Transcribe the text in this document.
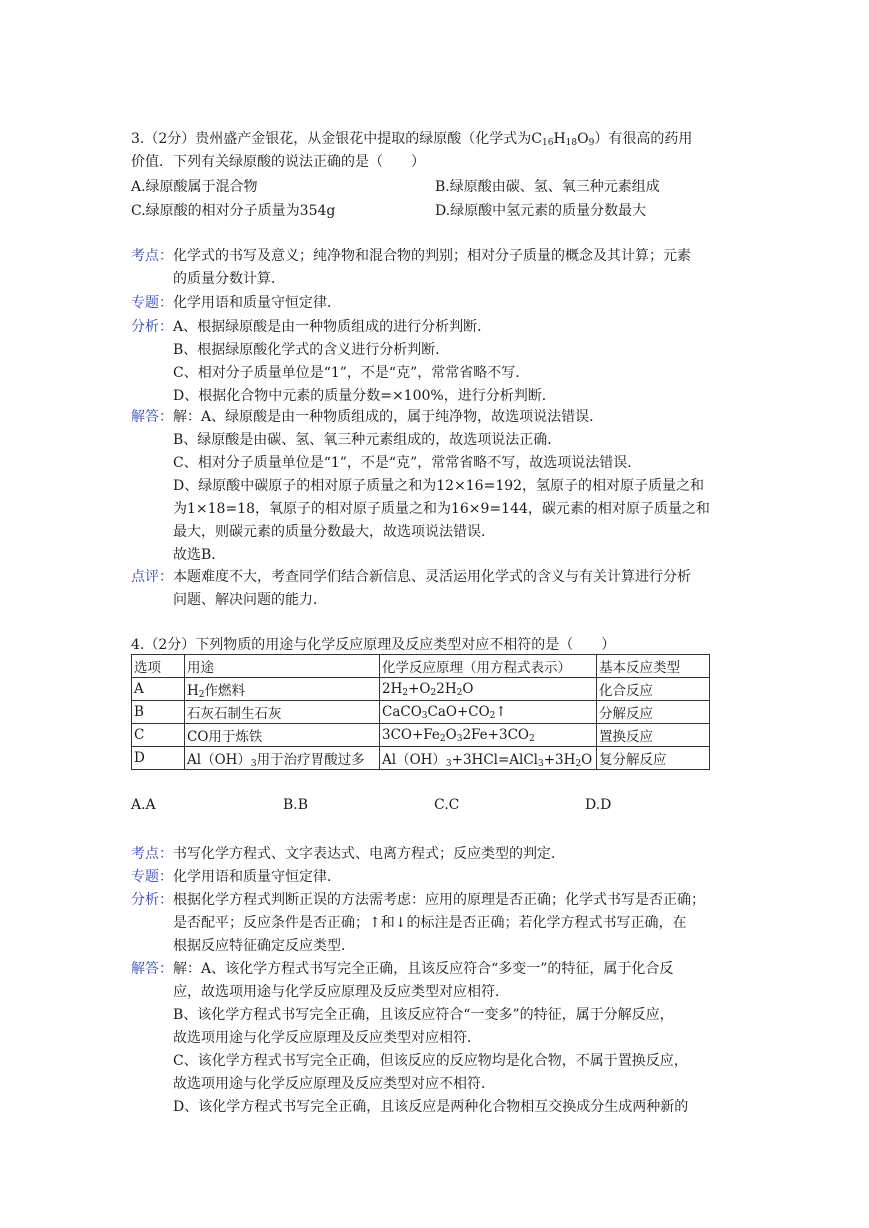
3.（2分）贵州盛产金银花，从金银花中提取的绿原酸（化学式为$C_{16}H_{18}O_9$）有很高的药用
价值．下列有关绿原酸的说法正确的是（　　）
A.绿原酸属于混合物	B.绿原酸由碳、氢、氧三种元素组成
C.绿原酸的相对分子质量为354g	D.绿原酸中氢元素的质量分数最大
考点： 化学式的书写及意义；纯净物和混合物的判别；相对分子质量的概念及其计算；元素
的质量分数计算．
专题： 化学用语和质量守恒定律．
分析： A、根据绿原酸是由一种物质组成的进行分析判断．
B、根据绿原酸化学式的含义进行分析判断．
C、相对分子质量单位是“1”，不是“克”，常常省略不写．
D、根据化合物中元素的质量分数=×100%，进行分析判断．
解答： 解：A、绿原酸是由一种物质组成的，属于纯净物，故选项说法错误．
B、绿原酸是由碳、氢、氧三种元素组成的，故选项说法正确．
C、相对分子质量单位是“1”，不是“克”，常常省略不写，故选项说法错误．
D、绿原酸中碳原子的相对原子质量之和为12×16=192，氢原子的相对原子质量之和
为1×18=18，氧原子的相对原子质量之和为16×9=144，碳元素的相对原子质量之和
最大，则碳元素的质量分数最大，故选项说法错误．
故选B．
点评： 本题难度不大，考查同学们结合新信息、灵活运用化学式的含义与有关计算进行分析
问题、解决问题的能力．
4.（2分）下列物质的用途与化学反应原理及反应类型对应不相符的是（　　）
选项	用途	化学反应原理（用方程式表示）	基本反应类型
A	$H_2$作燃料	$2H_2+O_22H_2O$	化合反应
B	石灰石制生石灰	$CaCO_3CaO+CO_2↑$	分解反应
C	CO用于炼铁	$3CO+Fe_2O_32Fe+3CO_2$	置换反应
D	$Al(OH)_3$用于治疗胃酸过多	$Al(OH)_3+3HCl=AlCl_3+3H_2O$	复分解反应
A.A	B.B	C.C	D.D
考点： 书写化学方程式、文字表达式、电离方程式；反应类型的判定．
专题： 化学用语和质量守恒定律．
分析： 根据化学方程式判断正误的方法需考虑：应用的原理是否正确；化学式书写是否正确；
是否配平；反应条件是否正确；↑和↓的标注是否正确；若化学方程式书写正确，在
根据反应特征确定反应类型．
解答： 解：A、该化学方程式书写完全正确，且该反应符合“多变一”的特征，属于化合反
应，故选项用途与化学反应原理及反应类型对应相符．
B、该化学方程式书写完全正确，且该反应符合“一变多”的特征，属于分解反应，
故选项用途与化学反应原理及反应类型对应相符．
C、该化学方程式书写完全正确，但该反应的反应物均是化合物，不属于置换反应，
故选项用途与化学反应原理及反应类型对应不相符．
D、该化学方程式书写完全正确，且该反应是两种化合物相互交换成分生成两种新的
